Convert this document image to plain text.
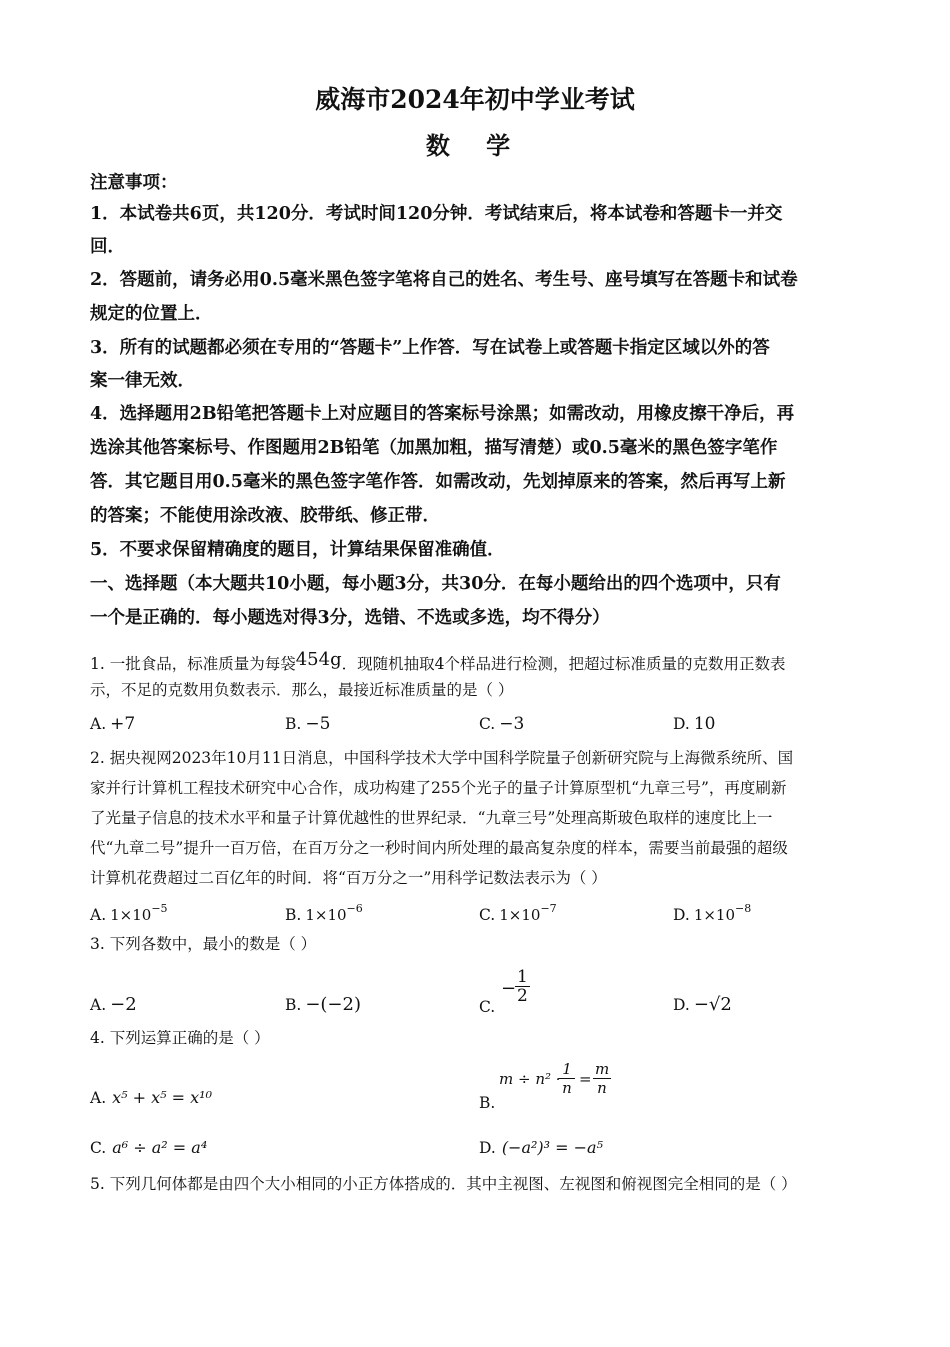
威海市2024年初中学业考试
数 学
注意事项：
1．本试卷共6页，共120分．考试时间120分钟．考试结束后，将本试卷和答题卡一并交
回．
2．答题前，请务必用0.5毫米黑色签字笔将自己的姓名、考生号、座号填写在答题卡和试卷
规定的位置上．
3．所有的试题都必须在专用的“答题卡”上作答．写在试卷上或答题卡指定区域以外的答
案一律无效．
4．选择题用2B铅笔把答题卡上对应题目的答案标号涂黑；如需改动，用橡皮擦干净后，再
选涂其他答案标号、作图题用2B铅笔（加黑加粗，描写清楚）或0.5毫米的黑色签字笔作
答．其它题目用0.5毫米的黑色签字笔作答．如需改动，先划掉原来的答案，然后再写上新
的答案；不能使用涂改液、胶带纸、修正带．
5．不要求保留精确度的题目，计算结果保留准确值．
一、选择题（本大题共10小题，每小题3分，共30分．在每小题给出的四个选项中，只有
一个是正确的．每小题选对得3分，选错、不选或多选，均不得分）
1. 一批食品，标准质量为每袋454g．现随机抽取4个样品进行检测，把超过标准质量的克数用正数表
示，不足的克数用负数表示．那么，最接近标准质量的是（ ）
A. +7	B. −5	C. −3	D. 10
2. 据央视网2023年10月11日消息，中国科学技术大学中国科学院量子创新研究院与上海微系统所、国
家并行计算机工程技术研究中心合作，成功构建了255个光子的量子计算原型机“九章三号”，再度刷新
了光量子信息的技术水平和量子计算优越性的世界纪录．“九章三号”处理高斯玻色取样的速度比上一
代“九章二号”提升一百万倍，在百万分之一秒时间内所处理的最高复杂度的样本，需要当前最强的超级
计算机花费超过二百亿年的时间．将“百万分之一”用科学记数法表示为（ ）
A. $1\times 10^{-5}$	B. $1\times 10^{-6}$	C. $1\times 10^{-7}$	D. $1\times 10^{-8}$
3. 下列各数中，最小的数是（ ）
A. −2	B. −(−2)	C.
−
$\frac{1}{2}$	D. −√2
4. 下列运算正确的是（ ）
A. x⁵ + x⁵ = x¹⁰	B.
m ÷ n² ·
$\frac{1}{n} = \frac{m}{n}$
C. a⁶ ÷ a² = a⁴	D. (−a²)³ = −a⁵
5. 下列几何体都是由四个大小相同的小正方体搭成的．其中主视图、左视图和俯视图完全相同的是（ ）
